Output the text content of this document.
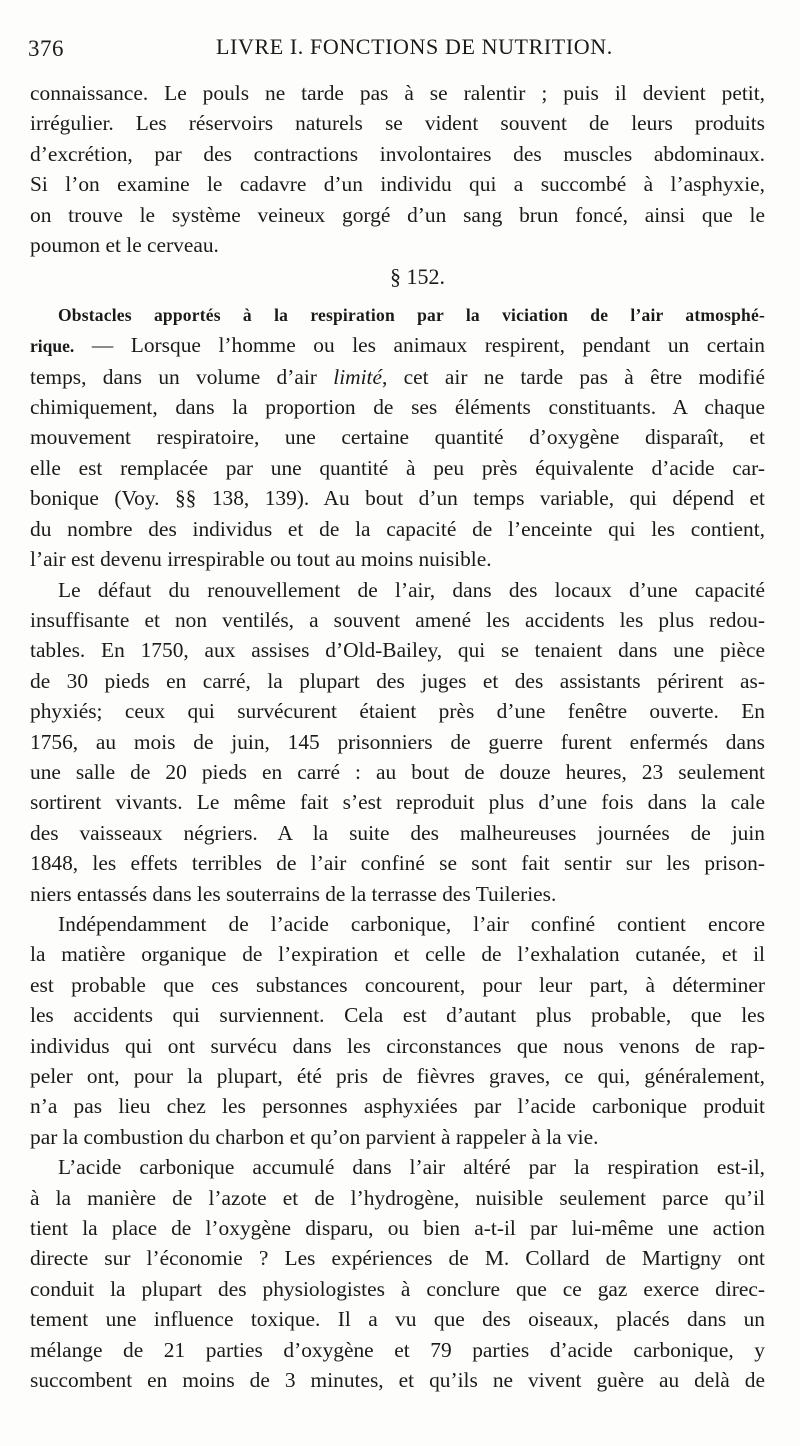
376	LIVRE I. FONCTIONS DE NUTRITION.
connaissance. Le pouls ne tarde pas à se ralentir ; puis il devient petit,
irrégulier. Les réservoirs naturels se vident souvent de leurs produits
d’excrétion, par des contractions involontaires des muscles abdominaux.
Si l’on examine le cadavre d’un individu qui a succombé à l’asphyxie,
on trouve le système veineux gorgé d’un sang brun foncé, ainsi que le
poumon et le cerveau.
§ 152.
Obstacles apportés à la respiration par la viciation de l’air atmosphé-
rique. — Lorsque l’homme ou les animaux respirent, pendant un certain
temps, dans un volume d’air limité, cet air ne tarde pas à être modifié
chimiquement, dans la proportion de ses éléments constituants. A chaque
mouvement respiratoire, une certaine quantité d’oxygène disparaît, et
elle est remplacée par une quantité à peu près équivalente d’acide car-
bonique (Voy. §§ 138, 139). Au bout d’un temps variable, qui dépend et
du nombre des individus et de la capacité de l’enceinte qui les contient,
l’air est devenu irrespirable ou tout au moins nuisible.
Le défaut du renouvellement de l’air, dans des locaux d’une capacité
insuffisante et non ventilés, a souvent amené les accidents les plus redou-
tables. En 1750, aux assises d’Old-Bailey, qui se tenaient dans une pièce
de 30 pieds en carré, la plupart des juges et des assistants périrent as-
phyxiés; ceux qui survécurent étaient près d’une fenêtre ouverte. En
1756, au mois de juin, 145 prisonniers de guerre furent enfermés dans
une salle de 20 pieds en carré : au bout de douze heures, 23 seulement
sortirent vivants. Le même fait s’est reproduit plus d’une fois dans la cale
des vaisseaux négriers. A la suite des malheureuses journées de juin
1848, les effets terribles de l’air confiné se sont fait sentir sur les prison-
niers entassés dans les souterrains de la terrasse des Tuileries.
Indépendamment de l’acide carbonique, l’air confiné contient encore
la matière organique de l’expiration et celle de l’exhalation cutanée, et il
est probable que ces substances concourent, pour leur part, à déterminer
les accidents qui surviennent. Cela est d’autant plus probable, que les
individus qui ont survécu dans les circonstances que nous venons de rap-
peler ont, pour la plupart, été pris de fièvres graves, ce qui, généralement,
n’a pas lieu chez les personnes asphyxiées par l’acide carbonique produit
par la combustion du charbon et qu’on parvient à rappeler à la vie.
L’acide carbonique accumulé dans l’air altéré par la respiration est-il,
à la manière de l’azote et de l’hydrogène, nuisible seulement parce qu’il
tient la place de l’oxygène disparu, ou bien a-t-il par lui-même une action
directe sur l’économie ? Les expériences de M. Collard de Martigny ont
conduit la plupart des physiologistes à conclure que ce gaz exerce direc-
tement une influence toxique. Il a vu que des oiseaux, placés dans un
mélange de 21 parties d’oxygène et 79 parties d’acide carbonique, y
succombent en moins de 3 minutes, et qu’ils ne vivent guère au delà de
